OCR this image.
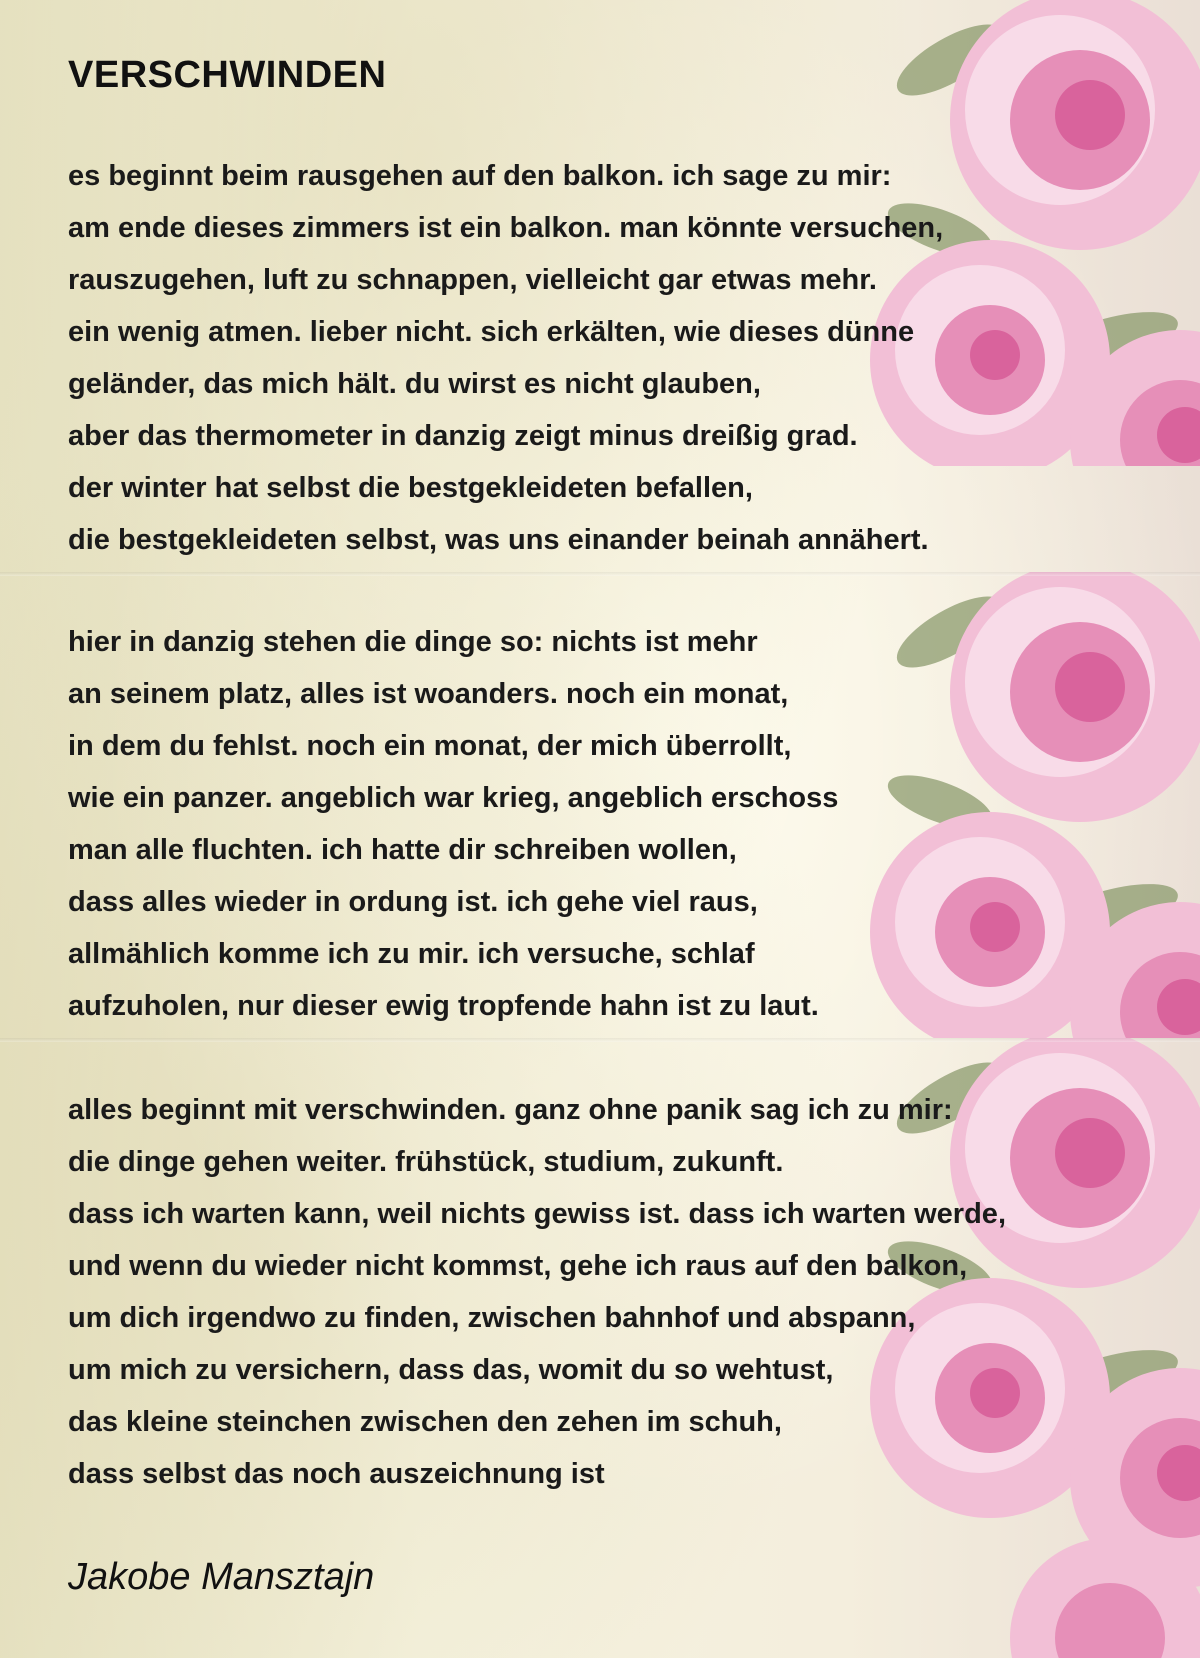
VERSCHWINDEN
es beginnt beim rausgehen auf den balkon. ich sage zu mir:
am ende dieses zimmers ist ein balkon. man könnte versuchen,
rauszugehen, luft zu schnappen, vielleicht gar etwas mehr.
ein wenig atmen. lieber nicht. sich erkälten, wie dieses dünne
geländer, das mich hält. du wirst es nicht glauben,
aber das thermometer in danzig zeigt minus dreißig grad.
der winter hat selbst die bestgekleideten befallen,
die bestgekleideten selbst, was uns einander beinah annähert.
hier in danzig stehen die dinge so: nichts ist mehr
an seinem platz, alles ist woanders. noch ein monat,
in dem du fehlst. noch ein monat, der mich überrollt,
wie ein panzer. angeblich war krieg, angeblich erschoss
man alle fluchten. ich hatte dir schreiben wollen,
dass alles wieder in ordung ist. ich gehe viel raus,
allmählich komme ich zu mir. ich versuche, schlaf
aufzuholen, nur dieser ewig tropfende hahn ist zu laut.
alles beginnt mit verschwinden. ganz ohne panik sag ich zu mir:
die dinge gehen weiter. frühstück, studium, zukunft.
dass ich warten kann, weil nichts gewiss ist. dass ich warten werde,
und wenn du wieder nicht kommst, gehe ich raus auf den balkon,
um dich irgendwo zu finden, zwischen bahnhof und abspann,
um mich zu versichern, dass das, womit du so wehtust,
das kleine steinchen zwischen den zehen im schuh,
dass selbst das noch auszeichnung ist

Jakobe Mansztajn
